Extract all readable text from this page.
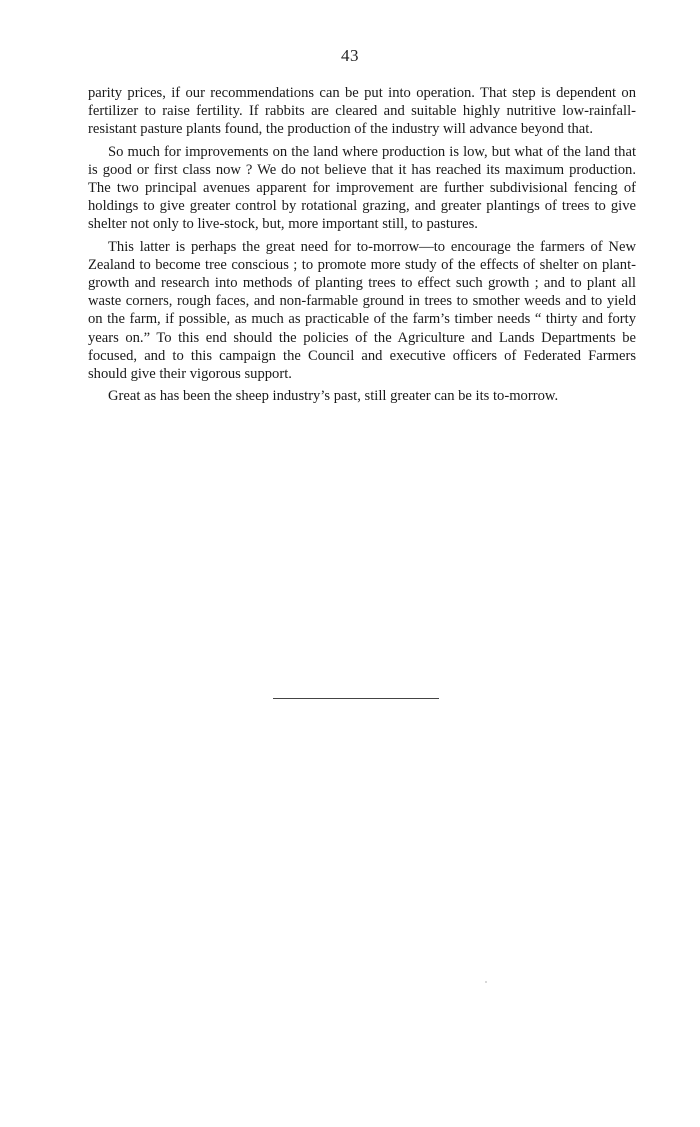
43

parity prices, if our recommendations can be put into operation. That step is dependent on fertilizer to raise fertility. If rabbits are cleared and suitable highly nutritive low-rainfall-resistant pasture plants found, the production of the industry will advance beyond that.

So much for improvements on the land where production is low, but what of the land that is good or first class now ? We do not believe that it has reached its maximum production. The two principal avenues apparent for improvement are further subdivisional fencing of holdings to give greater control by rotational grazing, and greater plantings of trees to give shelter not only to live-stock, but, more important still, to pastures.

This latter is perhaps the great need for to-morrow—to encourage the farmers of New Zealand to become tree conscious ; to promote more study of the effects of shelter on plant-growth and research into methods of planting trees to effect such growth ; and to plant all waste corners, rough faces, and non-farmable ground in trees to smother weeds and to yield on the farm, if possible, as much as practicable of the farm’s timber needs “ thirty and forty years on.” To this end should the policies of the Agriculture and Lands Departments be focused, and to this campaign the Council and executive officers of Federated Farmers should give their vigorous support.

Great as has been the sheep industry’s past, still greater can be its to-morrow.
